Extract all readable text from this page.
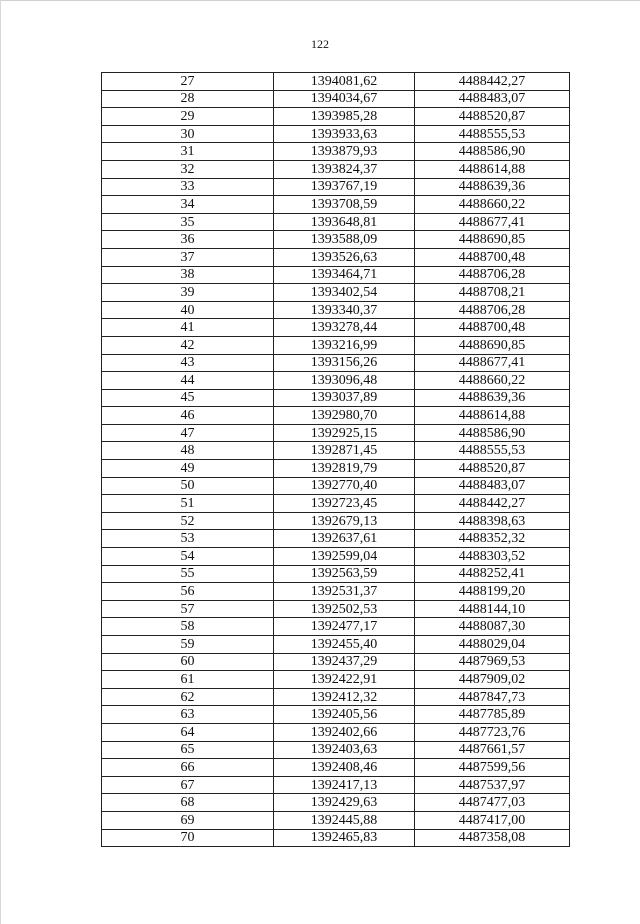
122
27	1394081,62	4488442,27
28	1394034,67	4488483,07
29	1393985,28	4488520,87
30	1393933,63	4488555,53
31	1393879,93	4488586,90
32	1393824,37	4488614,88
33	1393767,19	4488639,36
34	1393708,59	4488660,22
35	1393648,81	4488677,41
36	1393588,09	4488690,85
37	1393526,63	4488700,48
38	1393464,71	4488706,28
39	1393402,54	4488708,21
40	1393340,37	4488706,28
41	1393278,44	4488700,48
42	1393216,99	4488690,85
43	1393156,26	4488677,41
44	1393096,48	4488660,22
45	1393037,89	4488639,36
46	1392980,70	4488614,88
47	1392925,15	4488586,90
48	1392871,45	4488555,53
49	1392819,79	4488520,87
50	1392770,40	4488483,07
51	1392723,45	4488442,27
52	1392679,13	4488398,63
53	1392637,61	4488352,32
54	1392599,04	4488303,52
55	1392563,59	4488252,41
56	1392531,37	4488199,20
57	1392502,53	4488144,10
58	1392477,17	4488087,30
59	1392455,40	4488029,04
60	1392437,29	4487969,53
61	1392422,91	4487909,02
62	1392412,32	4487847,73
63	1392405,56	4487785,89
64	1392402,66	4487723,76
65	1392403,63	4487661,57
66	1392408,46	4487599,56
67	1392417,13	4487537,97
68	1392429,63	4487477,03
69	1392445,88	4487417,00
70	1392465,83	4487358,08
